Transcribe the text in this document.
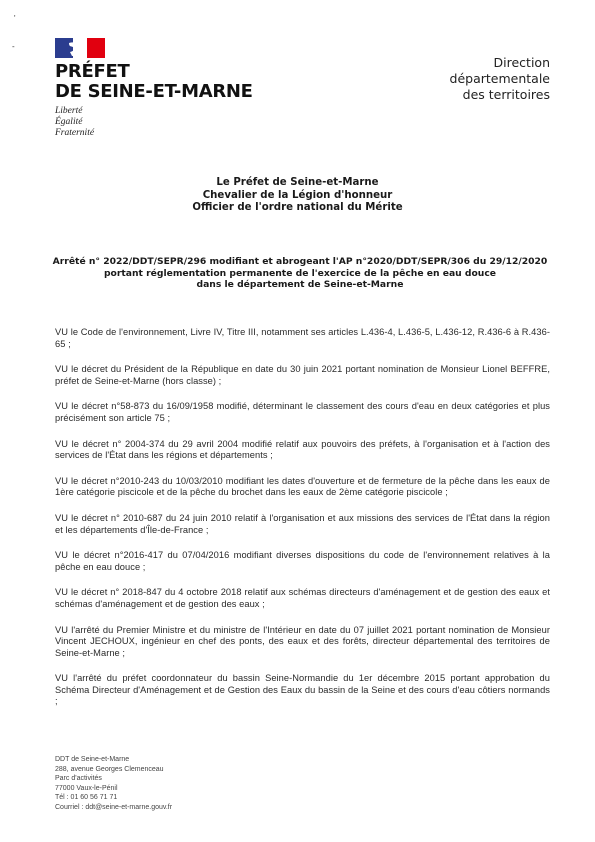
'
-
PRÉFET
DE SEINE-ET-MARNE
Liberté
Égalité
Fraternité
Direction
départementale
des territoires
Le Préfet de Seine-et-Marne
Chevalier de la Légion d'honneur
Officier de l'ordre national du Mérite
Arrêté n° 2022/DDT/SEPR/296 modifiant et abrogeant l'AP n°2020/DDT/SEPR/306 du 29/12/2020
portant réglementation permanente de l'exercice de la pêche en eau douce
dans le département de Seine-et-Marne

VU le Code de l'environnement, Livre IV, Titre III, notamment ses articles L.436-4, L.436-5, L.436-12, R.436-6 à R.436-65 ;

VU le décret du Président de la République en date du 30 juin 2021 portant nomination de Monsieur Lionel BEFFRE, préfet de Seine-et-Marne (hors classe) ;

VU le décret n°58-873 du 16/09/1958 modifié, déterminant le classement des cours d'eau en deux catégories et plus précisément son article 75 ;

VU le décret n° 2004-374 du 29 avril 2004 modifié relatif aux pouvoirs des préfets, à l'organisation et à l'action des services de l'État dans les régions et départements ;

VU le décret n°2010-243 du 10/03/2010 modifiant les dates d'ouverture et de fermeture de la pêche dans les eaux de 1ère catégorie piscicole et de la pêche du brochet dans les eaux de 2ème catégorie piscicole ;

VU le décret n° 2010-687 du 24 juin 2010 relatif à l'organisation et aux missions des services de l'État dans la région et les départements d'Île-de-France ;

VU le décret n°2016-417 du 07/04/2016 modifiant diverses dispositions du code de l'environnement relatives à la pêche en eau douce ;

VU le décret n° 2018-847 du 4 octobre 2018 relatif aux schémas directeurs d'aménagement et de gestion des eaux et schémas d'aménagement et de gestion des eaux ;

VU l'arrêté du Premier Ministre et du ministre de l'Intérieur en date du 07 juillet 2021 portant nomination de Monsieur Vincent JECHOUX, ingénieur en chef des ponts, des eaux et des forêts, directeur départemental des territoires de Seine-et-Marne ;

VU l'arrêté du préfet coordonnateur du bassin Seine-Normandie du 1er décembre 2015 portant approbation du Schéma Directeur d'Aménagement et de Gestion des Eaux du bassin de la Seine et des cours d'eau côtiers normands ;

DDT de Seine-et-Marne
288, avenue Georges Clemenceau
Parc d'activités
77000 Vaux-le-Pénil
Tél : 01 60 56 71 71
Courriel : ddt@seine-et-marne.gouv.fr
